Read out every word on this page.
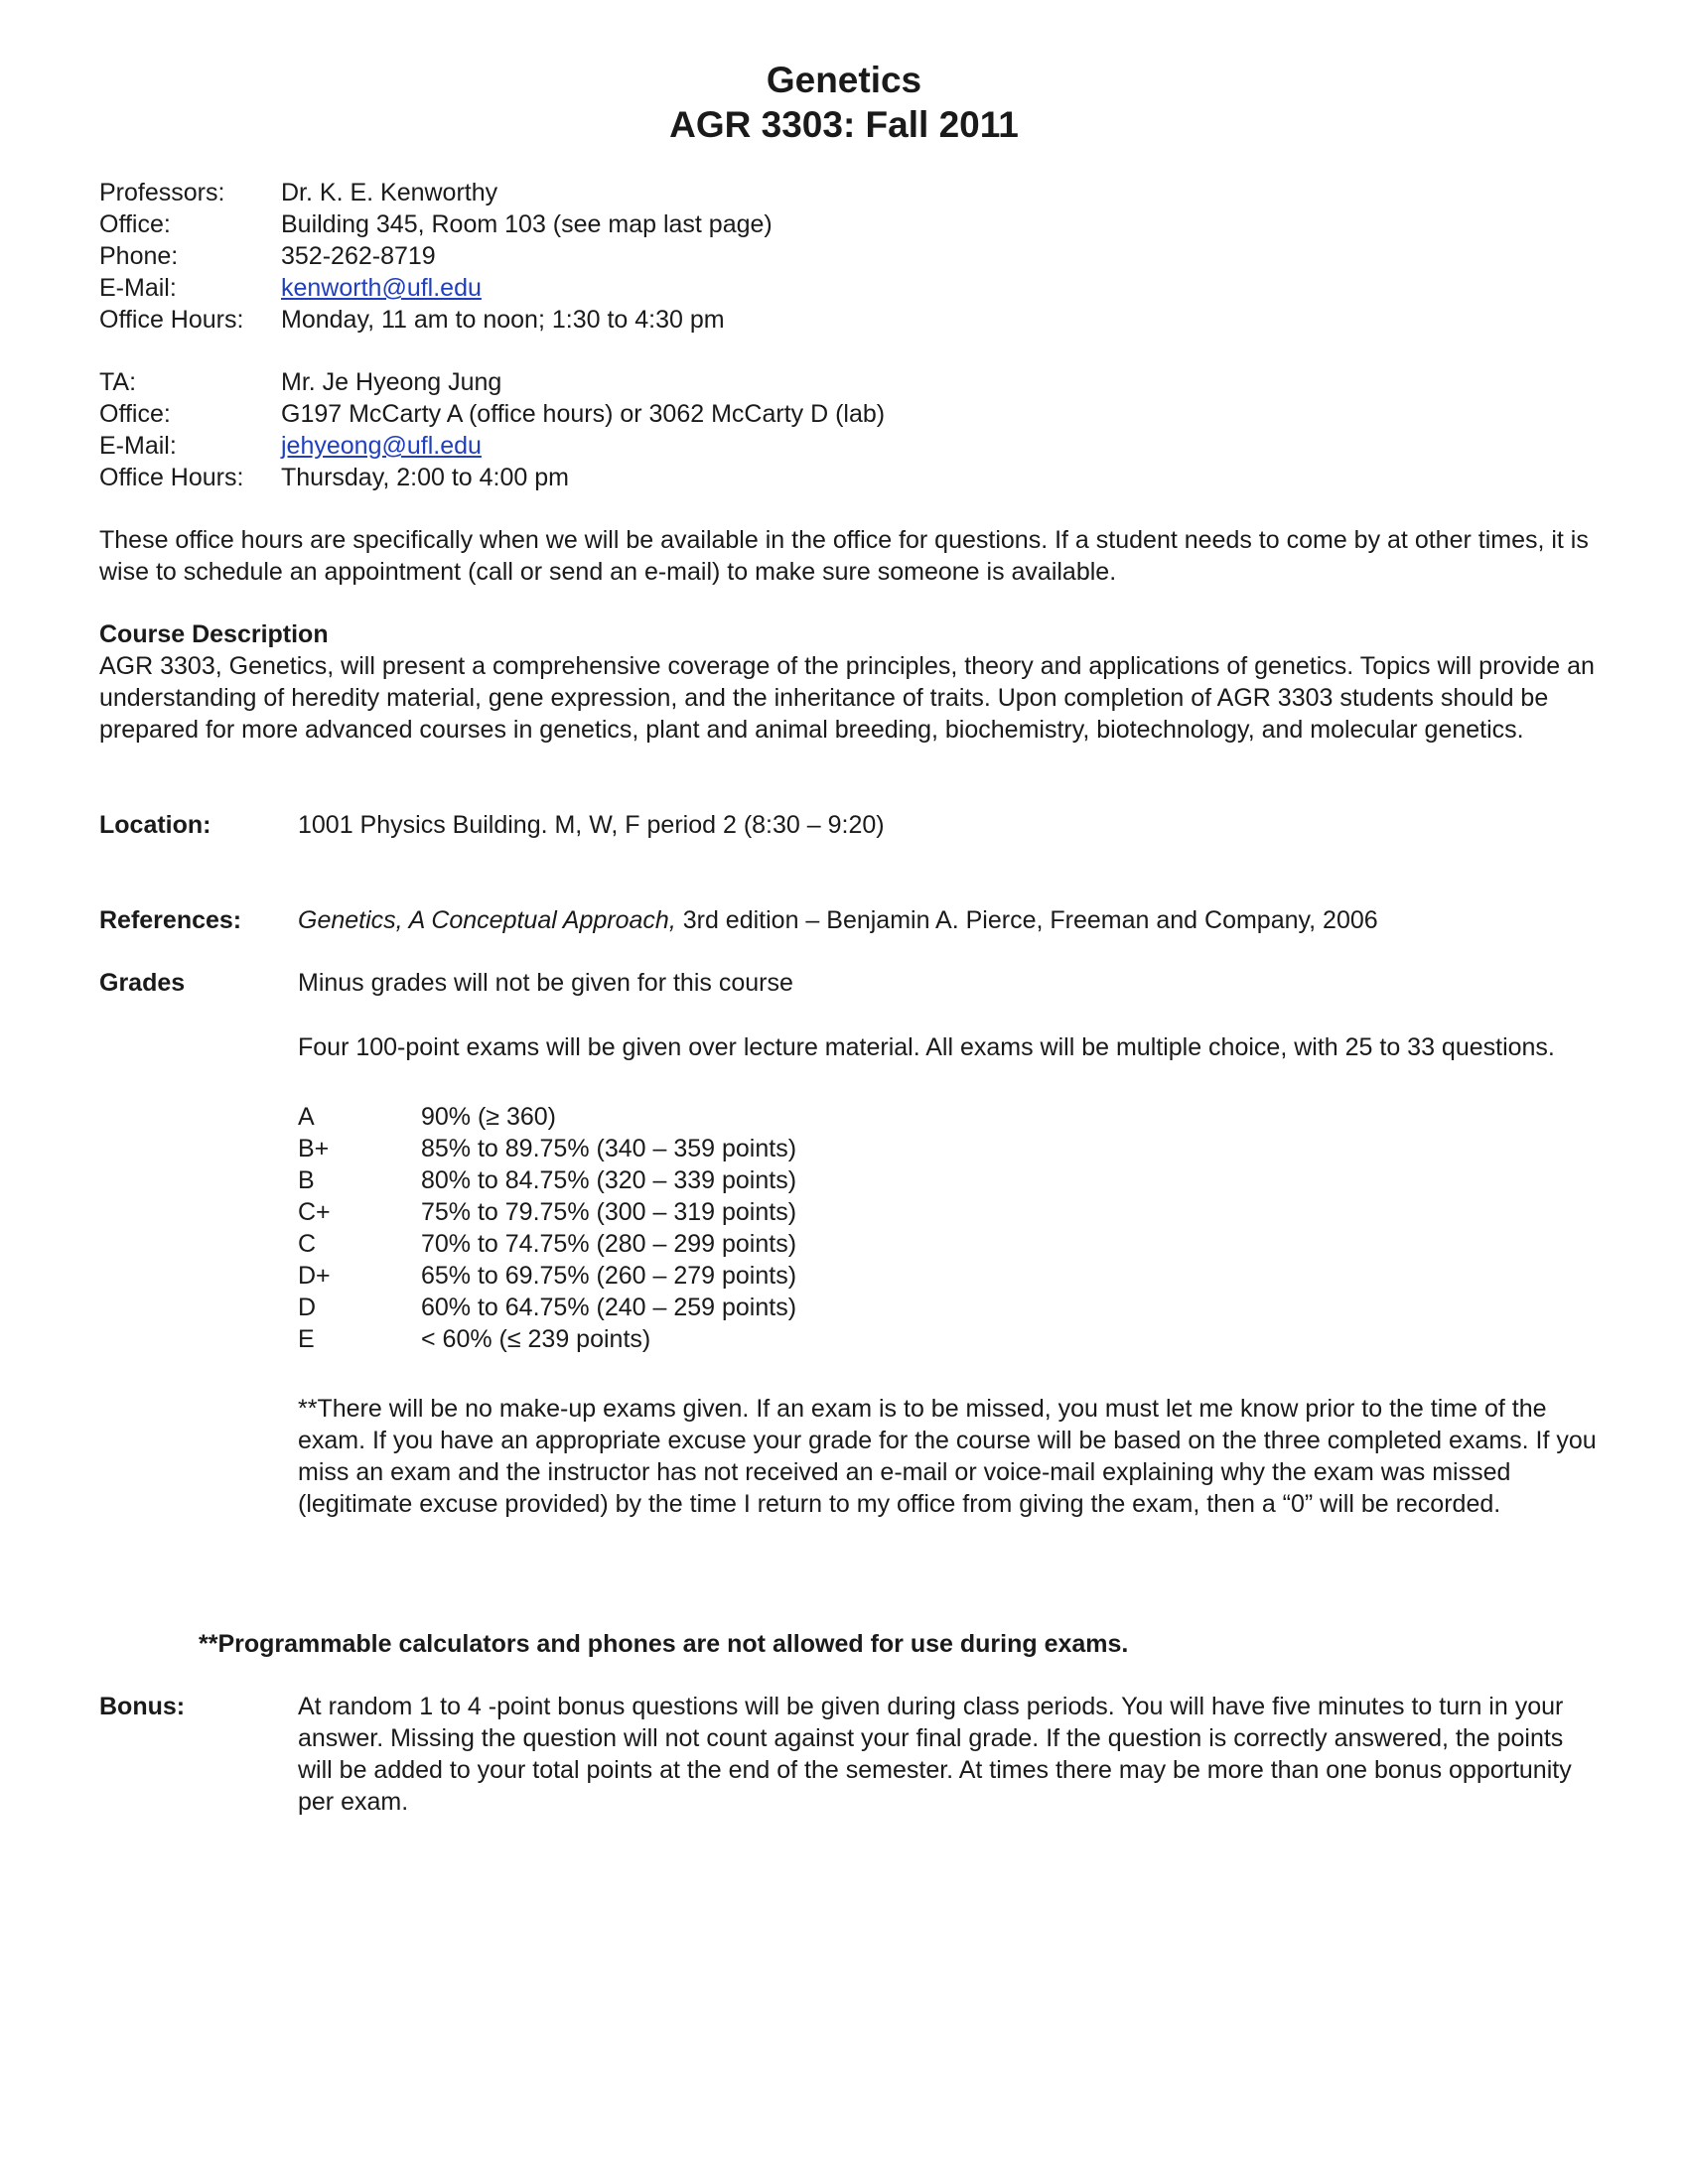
Genetics
AGR 3303: Fall 2011
Professors:	Dr. K. E. Kenworthy
Office:	Building 345, Room 103 (see map last page)
Phone:	352-262-8719
E-Mail:	kenworth@ufl.edu
Office Hours:	Monday, 11 am to noon; 1:30 to 4:30 pm
TA:	Mr. Je Hyeong Jung
Office:	G197 McCarty A (office hours) or 3062 McCarty D (lab)
E-Mail:	jehyeong@ufl.edu
Office Hours:	Thursday, 2:00 to 4:00 pm
These office hours are specifically when we will be available in the office for questions. If a student needs to come by at other times, it is wise to schedule an appointment (call or send an e-mail) to make sure someone is available.
Course Description
AGR 3303, Genetics, will present a comprehensive coverage of the principles, theory and applications of genetics. Topics will provide an understanding of heredity material, gene expression, and the inheritance of traits. Upon completion of AGR 3303 students should be prepared for more advanced courses in genetics, plant and animal breeding, biochemistry, biotechnology, and molecular genetics.
Location:	1001 Physics Building. M, W, F period 2 (8:30 – 9:20)
References: Genetics, A Conceptual Approach, 3rd edition – Benjamin A. Pierce, Freeman and Company, 2006
Grades	Minus grades will not be given for this course
Four 100-point exams will be given over lecture material. All exams will be multiple choice, with 25 to 33 questions.
A	90% (≥ 360)
B+	85% to 89.75% (340 – 359 points)
B	80% to 84.75% (320 – 339 points)
C+	75% to 79.75% (300 – 319 points)
C	70% to 74.75% (280 – 299 points)
D+	65% to 69.75% (260 – 279 points)
D	60% to 64.75% (240 – 259 points)
E	< 60% (≤ 239 points)
**There will be no make-up exams given. If an exam is to be missed, you must let me know prior to the time of the exam. If you have an appropriate excuse your grade for the course will be based on the three completed exams. If you miss an exam and the instructor has not received an e-mail or voice-mail explaining why the exam was missed (legitimate excuse provided) by the time I return to my office from giving the exam, then a “0” will be recorded.
**Programmable calculators and phones are not allowed for use during exams.
Bonus:	At random 1 to 4 -point bonus questions will be given during class periods. You will have five minutes to turn in your answer. Missing the question will not count against your final grade. If the question is correctly answered, the points will be added to your total points at the end of the semester. At times there may be more than one bonus opportunity per exam.
